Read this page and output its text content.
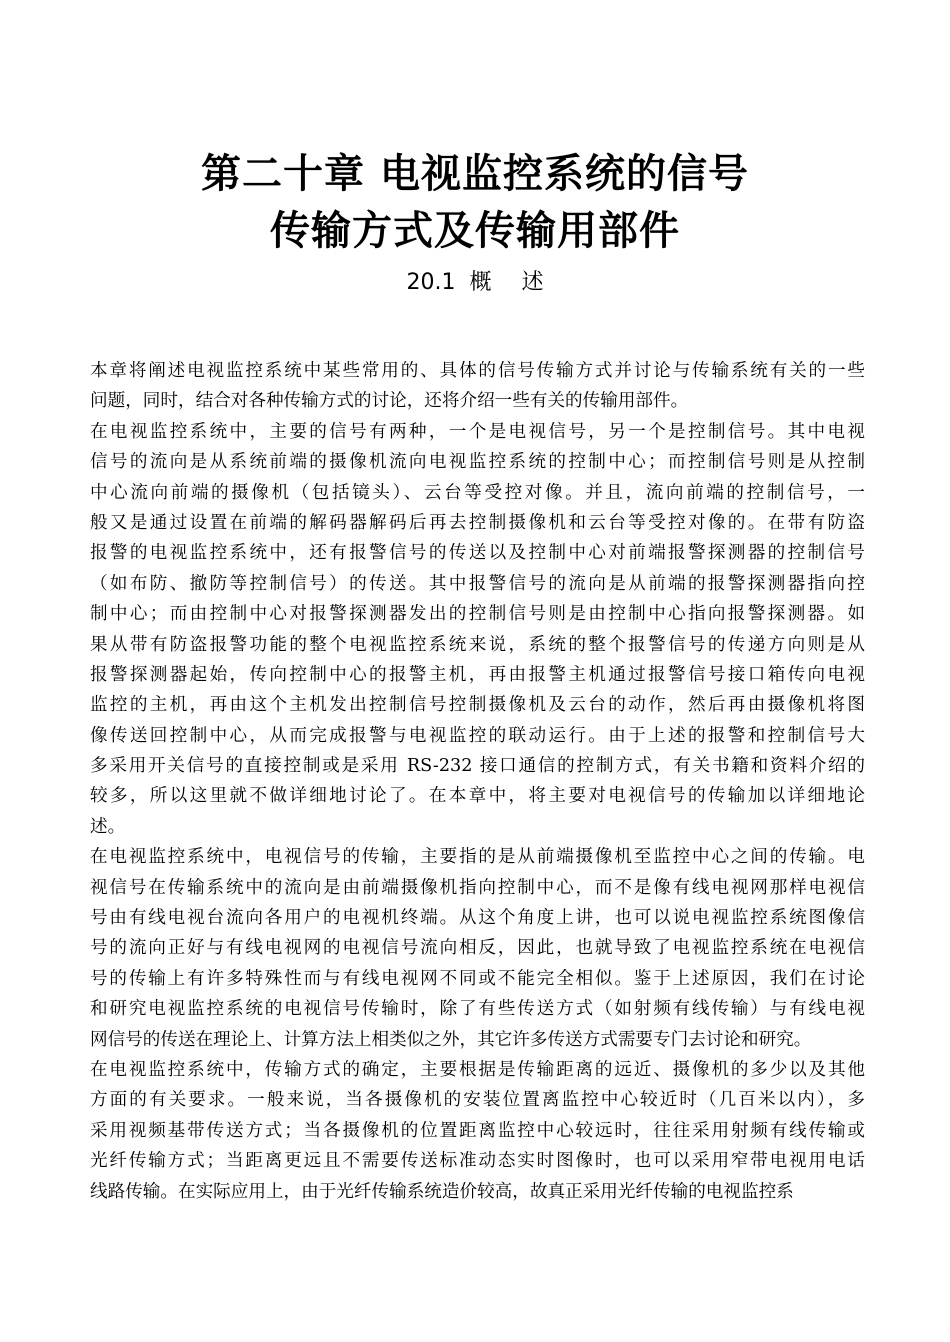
第二十章 电视监控系统的信号
传输方式及传输用部件
20.1 概述
本章将阐述电视监控系统中某些常用的、具体的信号传输方式并讨论与传输系统有关的一些
问题，同时，结合对各种传输方式的讨论，还将介绍一些有关的传输用部件。
在电视监控系统中，主要的信号有两种，一个是电视信号，另一个是控制信号。其中电视
信号的流向是从系统前端的摄像机流向电视监控系统的控制中心；而控制信号则是从控制
中心流向前端的摄像机（包括镜头）、云台等受控对像。并且，流向前端的控制信号，一
般又是通过设置在前端的解码器解码后再去控制摄像机和云台等受控对像的。在带有防盗
报警的电视监控系统中，还有报警信号的传送以及控制中心对前端报警探测器的控制信号
（如布防、撤防等控制信号）的传送。其中报警信号的流向是从前端的报警探测器指向控
制中心；而由控制中心对报警探测器发出的控制信号则是由控制中心指向报警探测器。如
果从带有防盗报警功能的整个电视监控系统来说，系统的整个报警信号的传递方向则是从
报警探测器起始，传向控制中心的报警主机，再由报警主机通过报警信号接口箱传向电视
监控的主机，再由这个主机发出控制信号控制摄像机及云台的动作，然后再由摄像机将图
像传送回控制中心，从而完成报警与电视监控的联动运行。由于上述的报警和控制信号大
多采用开关信号的直接控制或是采用 RS-232 接口通信的控制方式，有关书籍和资料介绍的
较多，所以这里就不做详细地讨论了。在本章中，将主要对电视信号的传输加以详细地论
述。
在电视监控系统中，电视信号的传输，主要指的是从前端摄像机至监控中心之间的传输。电
视信号在传输系统中的流向是由前端摄像机指向控制中心，而不是像有线电视网那样电视信
号由有线电视台流向各用户的电视机终端。从这个角度上讲，也可以说电视监控系统图像信
号的流向正好与有线电视网的电视信号流向相反，因此，也就导致了电视监控系统在电视信
号的传输上有许多特殊性而与有线电视网不同或不能完全相似。鉴于上述原因，我们在讨论
和研究电视监控系统的电视信号传输时，除了有些传送方式（如射频有线传输）与有线电视
网信号的传送在理论上、计算方法上相类似之外，其它许多传送方式需要专门去讨论和研究。
在电视监控系统中，传输方式的确定，主要根据是传输距离的远近、摄像机的多少以及其他
方面的有关要求。一般来说，当各摄像机的安装位置离监控中心较近时（几百米以内），多
采用视频基带传送方式；当各摄像机的位置距离监控中心较远时，往往采用射频有线传输或
光纤传输方式；当距离更远且不需要传送标准动态实时图像时，也可以采用窄带电视用电话
线路传输。在实际应用上，由于光纤传输系统造价较高，故真正采用光纤传输的电视监控系
